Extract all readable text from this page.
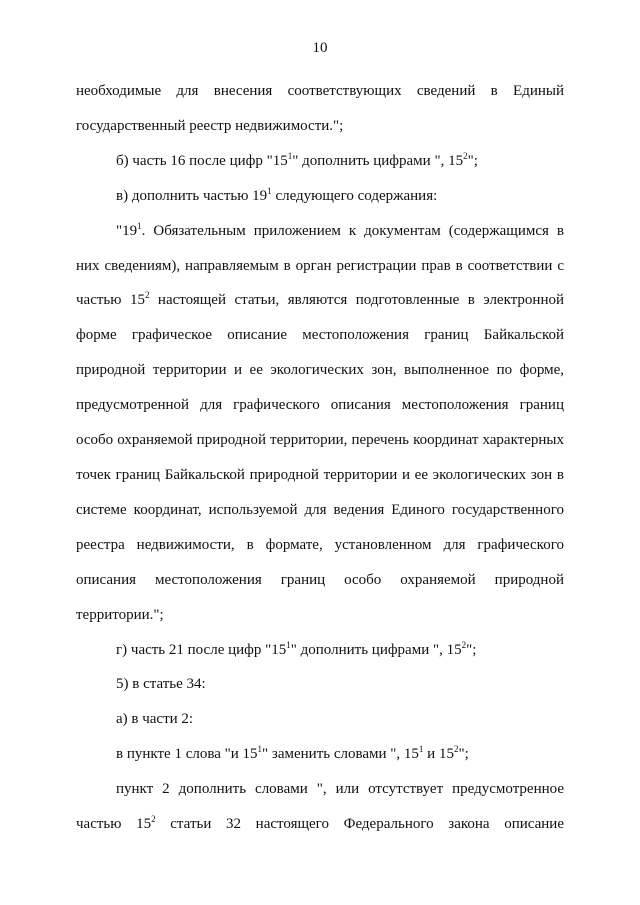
10

необходимые для внесения соответствующих сведений в Единый государственный реестр недвижимости.";

б) часть 16 после цифр "$15^1$" дополнить цифрами ", $15^2$";

в) дополнить частью $19^1$ следующего содержания:

"$19^1$. Обязательным приложением к документам (содержащимся в них сведениям), направляемым в орган регистрации прав в соответствии с частью $15^2$ настоящей статьи, являются подготовленные в электронной форме графическое описание местоположения границ Байкальской природной территории и ее экологических зон, выполненное по форме, предусмотренной для графического описания местоположения границ особо охраняемой природной территории, перечень координат характерных точек границ Байкальской природной территории и ее экологических зон в системе координат, используемой для ведения Единого государственного реестра недвижимости, в формате, установленном для графического описания местоположения границ особо охраняемой природной территории.";

г) часть 21 после цифр "$15^1$" дополнить цифрами ", $15^2$";

5) в статье 34:

а) в части 2:

в пункте 1 слова "и $15^1$" заменить словами ", $15^1$ и $15^2$";

пункт 2 дополнить словами ", или отсутствует предусмотренное частью $15^2$ статьи 32 настоящего Федерального закона описание
